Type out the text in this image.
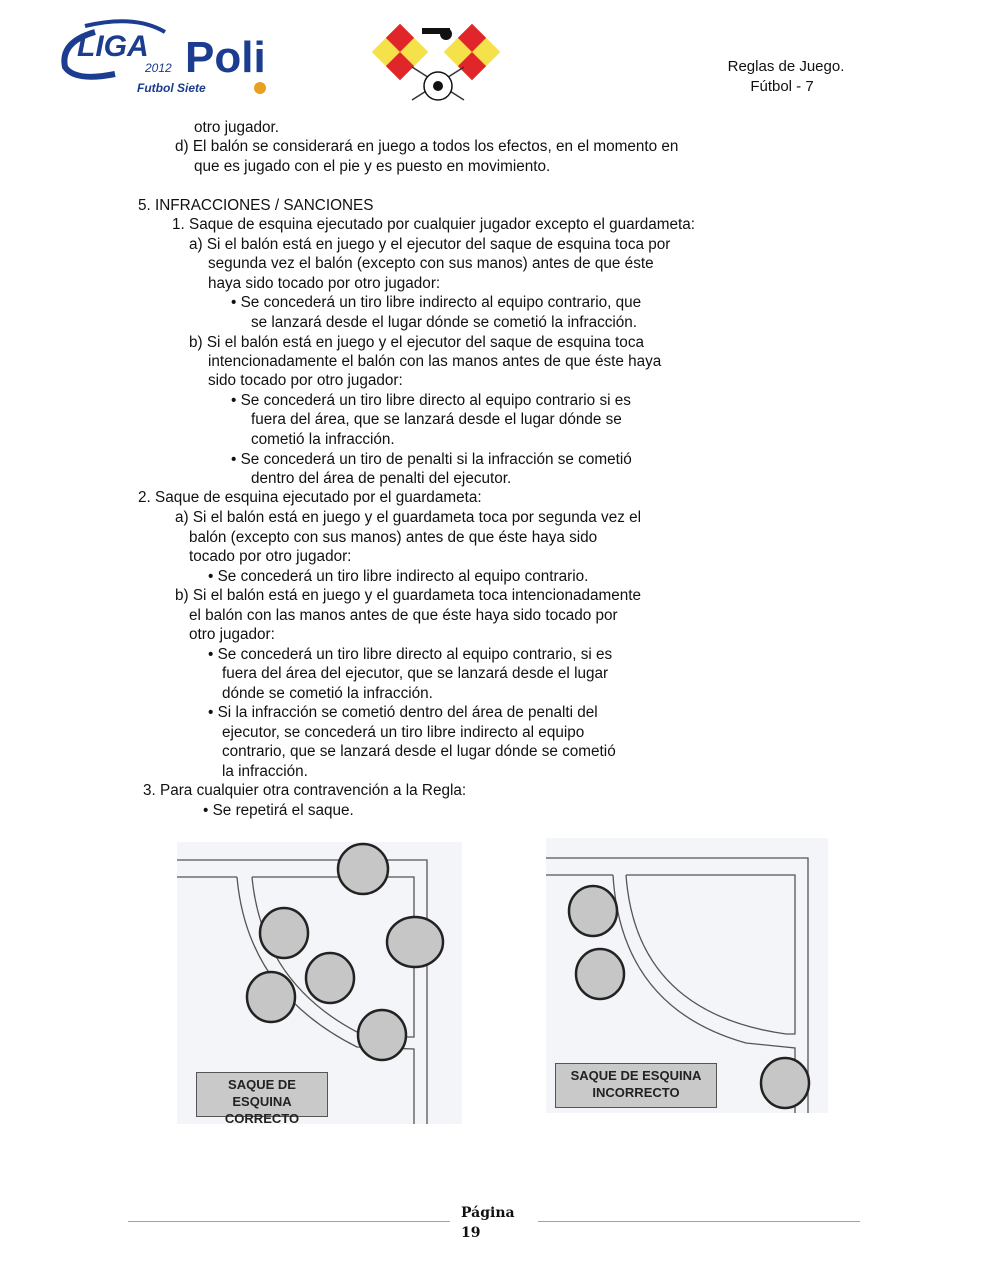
LIGA
2012 Poli
Futbol Siete
Reglas de Juego.
Fútbol - 7
otro jugador.
d) El balón se considerará en juego a todos los efectos, en el momento en
que es jugado con el pie y es puesto en movimiento.
5. INFRACCIONES / SANCIONES
1. Saque de esquina ejecutado por cualquier jugador excepto el guardameta:
a) Si el balón está en juego y el ejecutor del saque de esquina toca por
segunda vez el balón (excepto con sus manos) antes de que éste
haya sido tocado por otro jugador:
• Se concederá un tiro libre indirecto al equipo contrario, que
se lanzará desde el lugar dónde se cometió la infracción.
b) Si el balón está en juego y el ejecutor del saque de esquina toca
intencionadamente el balón con las manos antes de que éste haya
sido tocado por otro jugador:
• Se concederá un tiro libre directo al equipo contrario si es
fuera del área, que se lanzará desde el lugar dónde se
cometió la infracción.
• Se concederá un tiro de penalti si la infracción se cometió
dentro del área de penalti del ejecutor.
2. Saque de esquina ejecutado por el guardameta:
a) Si el balón está en juego y el guardameta toca por segunda vez el
balón (excepto con sus manos) antes de que éste haya sido
tocado por otro jugador:
• Se concederá un tiro libre indirecto al equipo contrario.
b) Si el balón está en juego y el guardameta toca intencionadamente
el balón con las manos antes de que éste haya sido tocado por
otro jugador:
• Se concederá un tiro libre directo al equipo contrario, si es
fuera del área del ejecutor, que se lanzará desde el lugar
dónde se cometió la infracción.
• Si la infracción se cometió dentro del área de penalti del
ejecutor, se concederá un tiro libre indirecto al equipo
contrario, que se lanzará desde el lugar dónde se cometió
la infracción.
3. Para cualquier otra contravención a la Regla:
• Se repetirá el saque.
SAQUE DE ESQUINA
CORRECTO
SAQUE DE ESQUINA
INCORRECTO
Página
19
